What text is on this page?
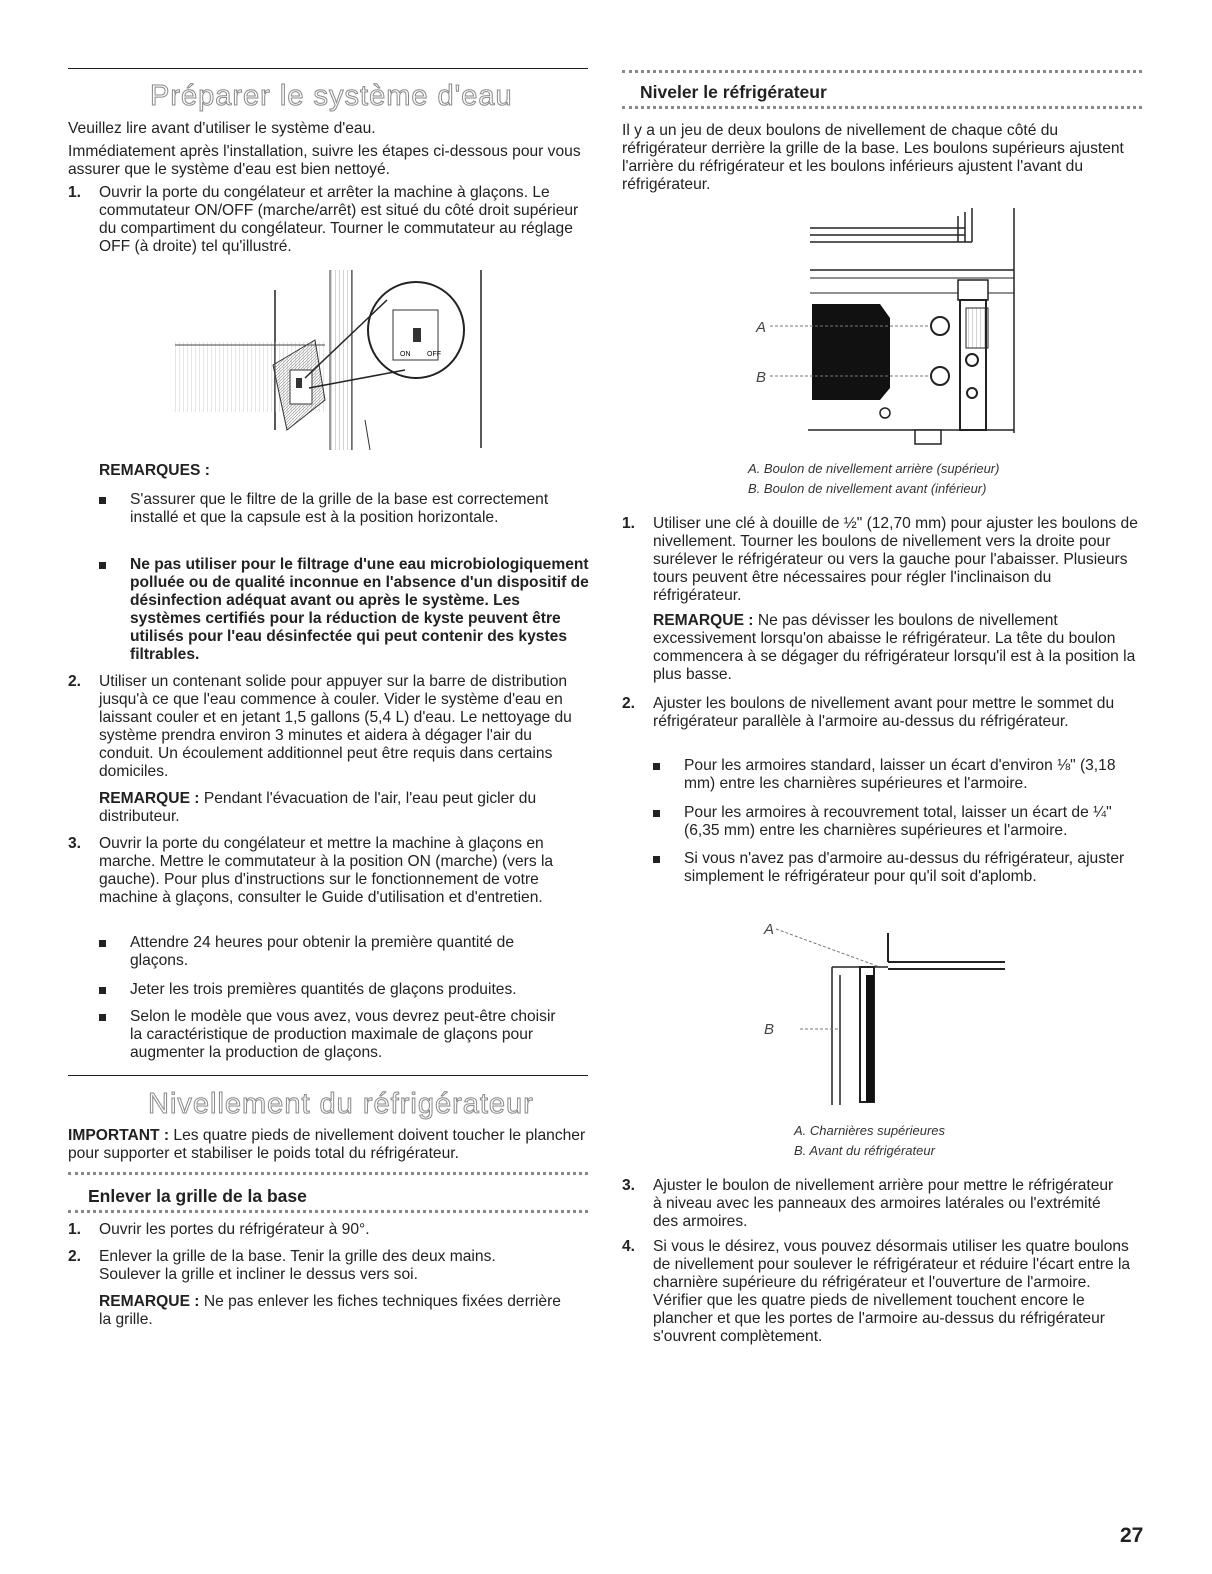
Préparer le système d'eau

Veuillez lire avant d'utiliser le système d'eau.

Immédiatement après l'installation, suivre les étapes ci-dessous pour vous assurer que le système d'eau est bien nettoyé.

1. Ouvrir la porte du congélateur et arrêter la machine à glaçons. Le commutateur ON/OFF (marche/arrêt) est situé du côté droit supérieur du compartiment du congélateur. Tourner le commutateur au réglage OFF (à droite) tel qu'illustré.

ON OFF
REMARQUES :

S'assurer que le filtre de la grille de la base est correctement installé et que la capsule est à la position horizontale.

Ne pas utiliser pour le filtrage d'une eau microbiologiquement polluée ou de qualité inconnue en l'absence d'un dispositif de désinfection adéquat avant ou après le système. Les systèmes certifiés pour la réduction de kyste peuvent être utilisés pour l'eau désinfectée qui peut contenir des kystes filtrables.

2. Utiliser un contenant solide pour appuyer sur la barre de distribution jusqu'à ce que l'eau commence à couler. Vider le système d'eau en laissant couler et en jetant 1,5 gallons (5,4 L) d'eau. Le nettoyage du système prendra environ 3 minutes et aidera à dégager l'air du conduit. Un écoulement additionnel peut être requis dans certains domiciles.

REMARQUE : Pendant l'évacuation de l'air, l'eau peut gicler du distributeur.

3. Ouvrir la porte du congélateur et mettre la machine à glaçons en marche. Mettre le commutateur à la position ON (marche) (vers la gauche). Pour plus d'instructions sur le fonctionnement de votre machine à glaçons, consulter le Guide d'utilisation et d'entretien.

Attendre 24 heures pour obtenir la première quantité de glaçons.

Jeter les trois premières quantités de glaçons produites.

Selon le modèle que vous avez, vous devrez peut-être choisir la caractéristique de production maximale de glaçons pour augmenter la production de glaçons.

Nivellement du réfrigérateur

IMPORTANT : Les quatre pieds de nivellement doivent toucher le plancher pour supporter et stabiliser le poids total du réfrigérateur.

Enlever la grille de la base
1. Ouvrir les portes du réfrigérateur à 90°.

2. Enlever la grille de la base. Tenir la grille des deux mains. Soulever la grille et incliner le dessus vers soi.

REMARQUE : Ne pas enlever les fiches techniques fixées derrière la grille.

Niveler le réfrigérateur

Il y a un jeu de deux boulons de nivellement de chaque côté du réfrigérateur derrière la grille de la base. Les boulons supérieurs ajustent l'arrière du réfrigérateur et les boulons inférieurs ajustent l'avant du réfrigérateur.

A
B
A. Boulon de nivellement arrière (supérieur)
B. Boulon de nivellement avant (inférieur)
1. Utiliser une clé à douille de ½" (12,70 mm) pour ajuster les boulons de nivellement. Tourner les boulons de nivellement vers la droite pour surélever le réfrigérateur ou vers la gauche pour l'abaisser. Plusieurs tours peuvent être nécessaires pour régler l'inclinaison du réfrigérateur.

REMARQUE : Ne pas dévisser les boulons de nivellement excessivement lorsqu'on abaisse le réfrigérateur. La tête du boulon commencera à se dégager du réfrigérateur lorsqu'il est à la position la plus basse.

2. Ajuster les boulons de nivellement avant pour mettre le sommet du réfrigérateur parallèle à l'armoire au-dessus du réfrigérateur.

Pour les armoires standard, laisser un écart d'environ ⅛" (3,18 mm) entre les charnières supérieures et l'armoire.

Pour les armoires à recouvrement total, laisser un écart de ¼" (6,35 mm) entre les charnières supérieures et l'armoire.

Si vous n'avez pas d'armoire au-dessus du réfrigérateur, ajuster simplement le réfrigérateur pour qu'il soit d'aplomb.

A
B
A. Charnières supérieures
B. Avant du réfrigérateur
3. Ajuster le boulon de nivellement arrière pour mettre le réfrigérateur à niveau avec les panneaux des armoires latérales ou l'extrémité des armoires.

4. Si vous le désirez, vous pouvez désormais utiliser les quatre boulons de nivellement pour soulever le réfrigérateur et réduire l'écart entre la charnière supérieure du réfrigérateur et l'ouverture de l'armoire. Vérifier que les quatre pieds de nivellement touchent encore le plancher et que les portes de l'armoire au-dessus du réfrigérateur s'ouvrent complètement.

27
